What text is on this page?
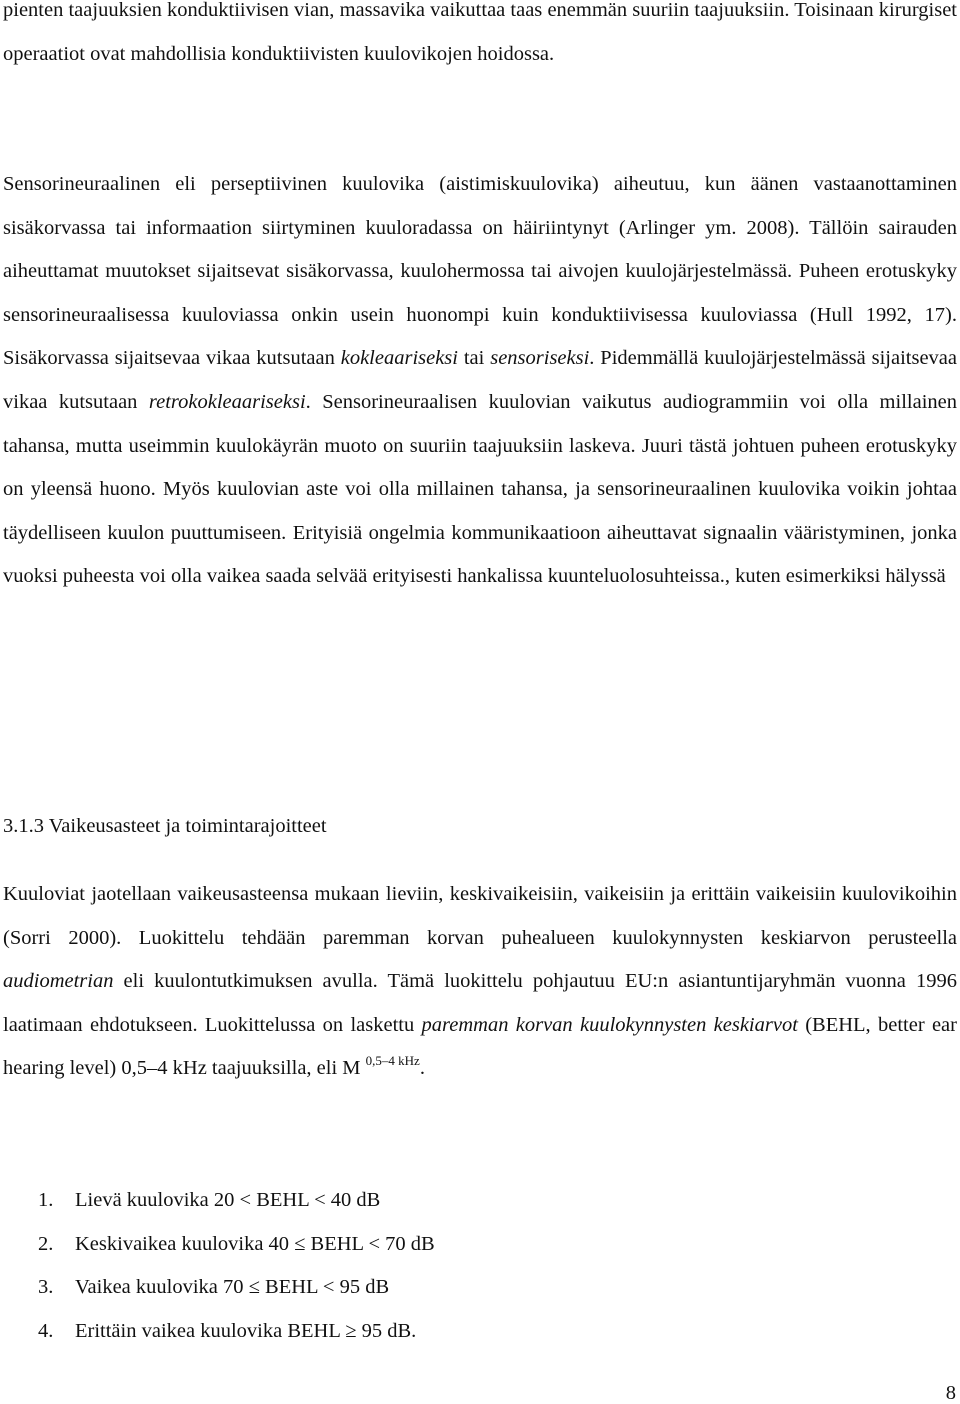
pienten taajuuksien konduktiivisen vian, massavika vaikuttaa taas enemmän suuriin taajuuksiin. Toisinaan kirurgiset operaatiot ovat mahdollisia konduktiivisten kuulovikojen hoidossa.

Sensorineuraalinen eli perseptiivinen kuulovika (aistimiskuulovika) aiheutuu, kun äänen vastaanottaminen sisäkorvassa tai informaation siirtyminen kuuloradassa on häiriintynyt (Arlinger ym. 2008). Tällöin sairauden aiheuttamat muutokset sijaitsevat sisäkorvassa, kuulohermossa tai aivojen kuulojärjestelmässä. Puheen erotuskyky sensorineuraalisessa kuuloviassa onkin usein huonompi kuin konduktiivisessa kuuloviassa (Hull 1992, 17). Sisäkorvassa sijaitsevaa vikaa kutsutaan kokleaariseksi tai sensoriseksi. Pidemmällä kuulojärjestelmässä sijaitsevaa vikaa kutsutaan retrokokleaariseksi. Sensorineuraalisen kuulovian vaikutus audiogrammiin voi olla millainen tahansa, mutta useimmin kuulokäyrän muoto on suuriin taajuuksiin laskeva. Juuri tästä johtuen puheen erotuskyky on yleensä huono. Myös kuulovian aste voi olla millainen tahansa, ja sensorineuraalinen kuulovika voikin johtaa täydelliseen kuulon puuttumiseen. Erityisiä ongelmia kommunikaatioon aiheuttavat signaalin vääristyminen, jonka vuoksi puheesta voi olla vaikea saada selvää erityisesti hankalissa kuunteluolosuhteissa., kuten esimerkiksi hälyssä

3.1.3 Vaikeusasteet ja toimintarajoitteet

Kuuloviat jaotellaan vaikeusasteensa mukaan lieviin, keskivaikeisiin, vaikeisiin ja erittäin vaikeisiin kuulovikoihin (Sorri 2000). Luokittelu tehdään paremman korvan puhealueen kuulokynnysten keskiarvon perusteella audiometrian eli kuulontutkimuksen avulla. Tämä luokittelu pohjautuu EU:n asiantuntijaryhmän vuonna 1996 laatimaan ehdotukseen. Luokittelussa on laskettu paremman korvan kuulokynnysten keskiarvot (BEHL, better ear hearing level) 0,5–4 kHz taajuuksilla, eli M $^{0,5-4 kHz}$.

1. Lievä kuulovika 20 < BEHL < 40 dB
2. Keskivaikea kuulovika 40 ≤ BEHL < 70 dB
3. Vaikea kuulovika 70 ≤ BEHL < 95 dB
4. Erittäin vaikea kuulovika BEHL ≥ 95 dB.
8
